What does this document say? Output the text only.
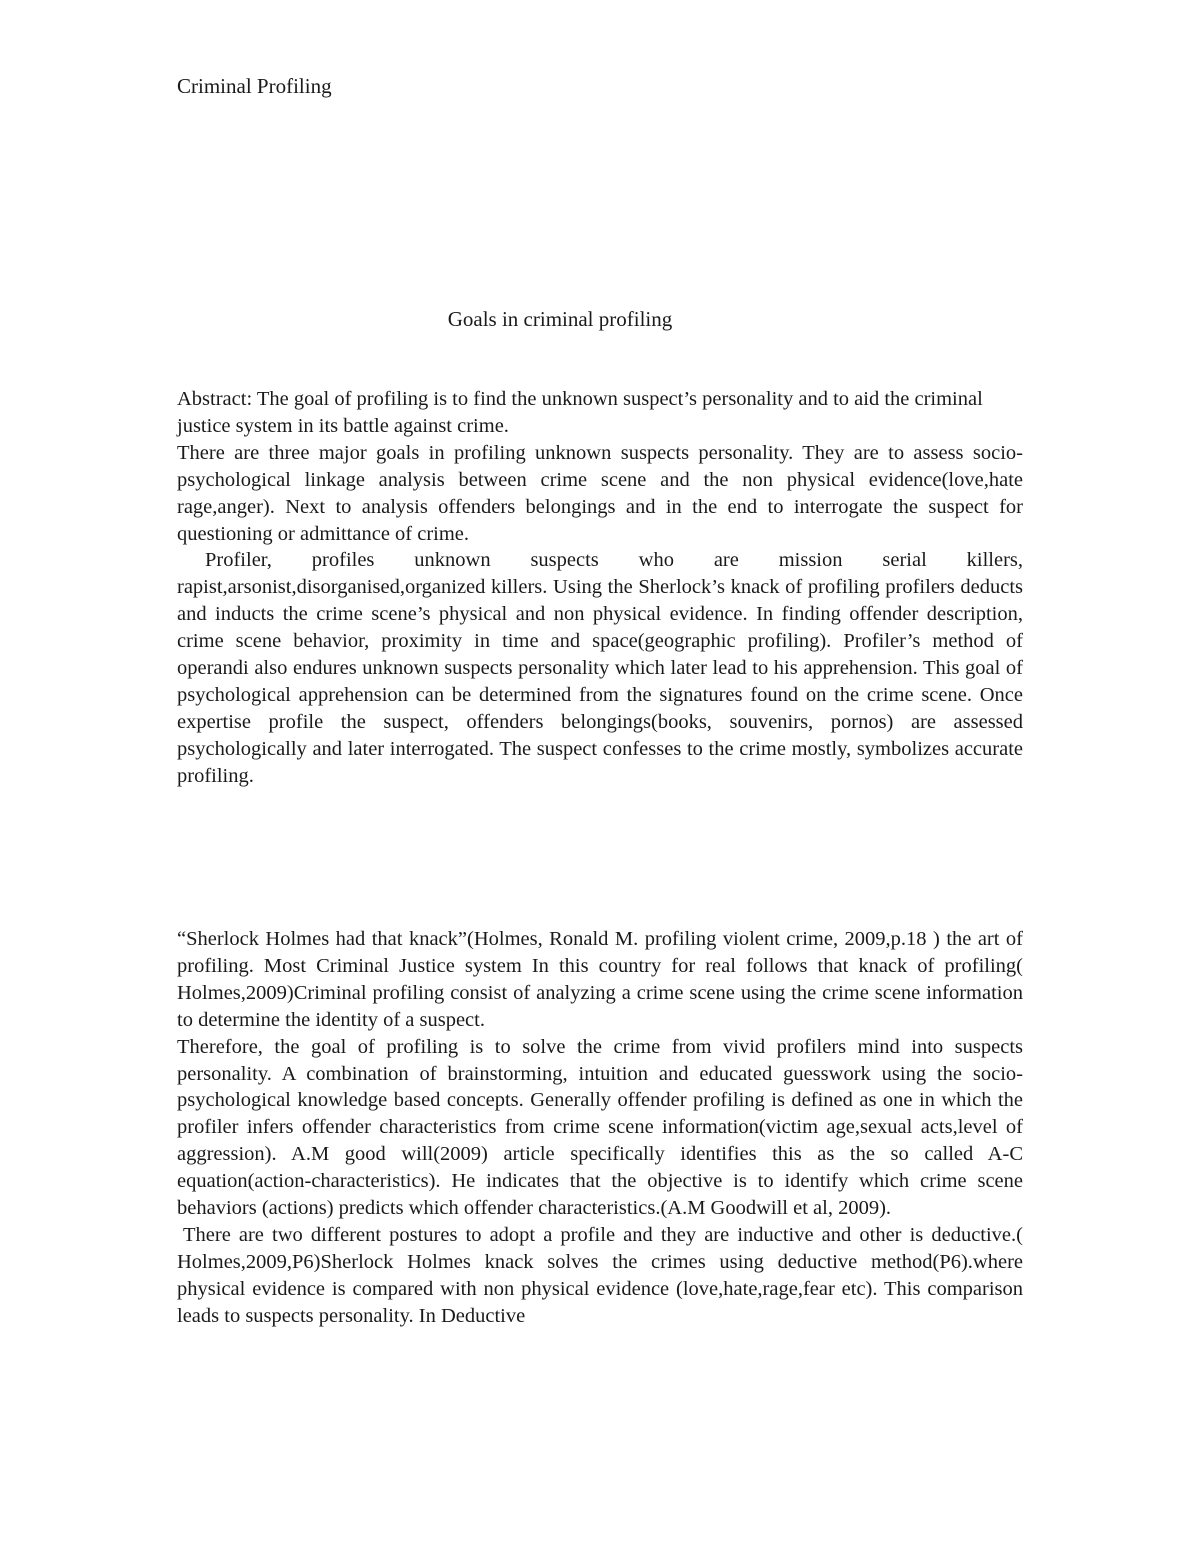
Criminal Profiling
Goals in criminal profiling

Abstract: The goal of profiling is to find the unknown suspect’s personality and to aid the criminal justice system in its battle against crime.

There are three major goals in profiling unknown suspects personality. They are to assess socio-psychological linkage analysis between crime scene and the non physical evidence(love,hate rage,anger). Next to analysis offenders belongings and in the end to interrogate the suspect for questioning or admittance of crime.

Profiler, profiles unknown suspects who are mission serial killers, rapist,arsonist,disorganised,organized killers. Using the Sherlock’s knack of profiling profilers deducts and inducts the crime scene’s physical and non physical evidence. In finding offender description, crime scene behavior, proximity in time and space(geographic profiling). Profiler’s method of operandi also endures unknown suspects personality which later lead to his apprehension. This goal of psychological apprehension can be determined from the signatures found on the crime scene. Once expertise profile the suspect, offenders belongings(books, souvenirs, pornos) are assessed psychologically and later interrogated. The suspect confesses to the crime mostly, symbolizes accurate profiling.

“Sherlock Holmes had that knack”(Holmes, Ronald M. profiling violent crime, 2009,p.18 ) the art of profiling. Most Criminal Justice system In this country for real follows that knack of profiling( Holmes,2009)Criminal profiling consist of analyzing a crime scene using the crime scene information to determine the identity of a suspect.

Therefore, the goal of profiling is to solve the crime from vivid profilers mind into suspects personality. A combination of brainstorming, intuition and educated guesswork using the socio-psychological knowledge based concepts. Generally offender profiling is defined as one in which the profiler infers offender characteristics from crime scene information(victim age,sexual acts,level of aggression). A.M good will(2009) article specifically identifies this as the so called A-C equation(action-characteristics). He indicates that the objective is to identify which crime scene behaviors (actions) predicts which offender characteristics.(A.M Goodwill et al, 2009).

There are two different postures to adopt a profile and they are inductive and other is deductive.( Holmes,2009,P6)Sherlock Holmes knack solves the crimes using deductive method(P6).where physical evidence is compared with non physical evidence (love,hate,rage,fear etc). This comparison leads to suspects personality. In Deductive
